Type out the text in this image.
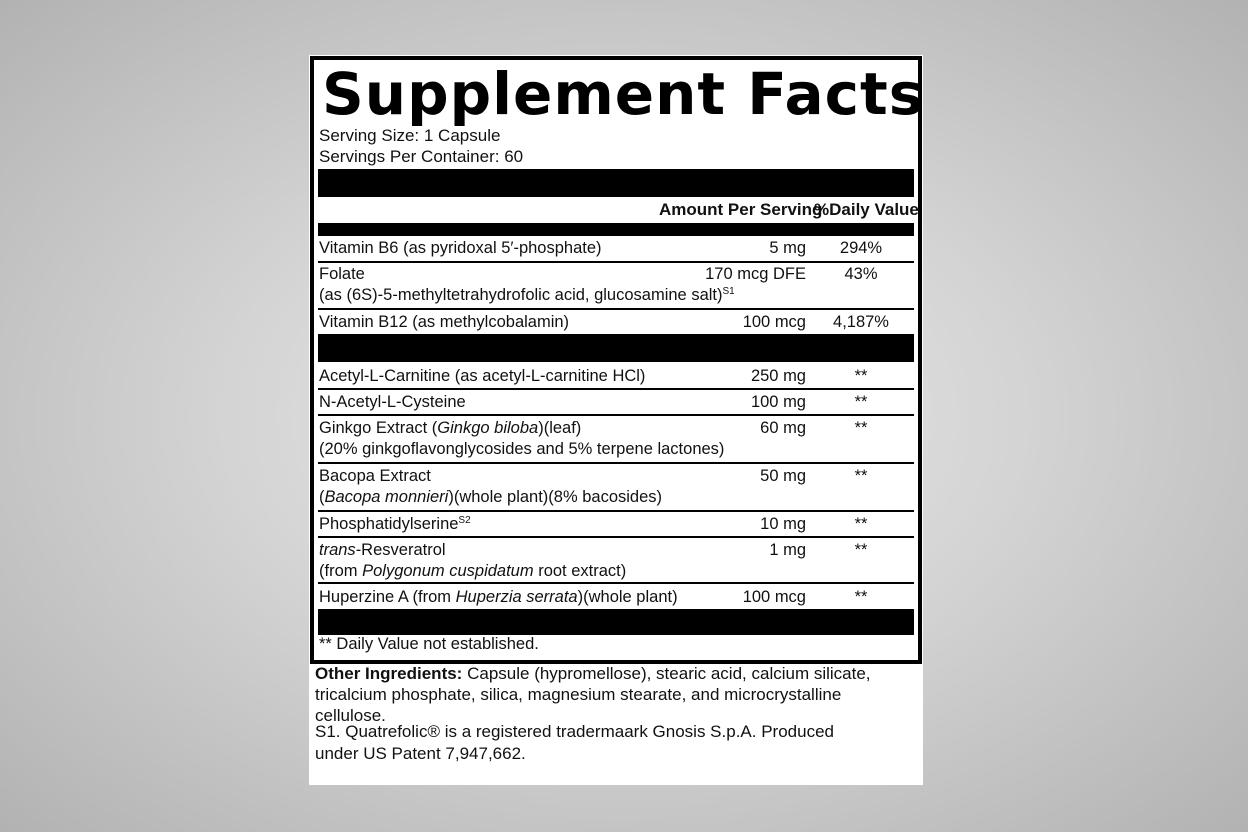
Supplement Facts
Serving Size: 1 Capsule
Servings Per Container: 60
Amount Per Serving
%Daily Value
Vitamin B6 (as pyridoxal 5′-phosphate)	5 mg	294%
Folate
(as (6S)-5-methyltetrahydrofolic acid, glucosamine salt)$^{S1}$
170 mcg DFE	43%
Vitamin B12 (as methylcobalamin)	100 mcg	4,187%
Acetyl-L-Carnitine (as acetyl-L-carnitine HCl)	250 mg	**
N-Acetyl-L-Cysteine	100 mg	**
Ginkgo Extract (Ginkgo biloba)(leaf)
(20% ginkgoflavonglycosides and 5% terpene lactones)
60 mg	**
Bacopa Extract
(Bacopa monnieri)(whole plant)(8% bacosides)
50 mg	**
Phosphatidylserine$^{S2}$	10 mg	**
trans-Resveratrol
(from Polygonum cuspidatum root extract)
1 mg	**
Huperzine A (from Huperzia serrata)(whole plant)	100 mcg	**
** Daily Value not established.
Other Ingredients: Capsule (hypromellose), stearic acid, calcium silicate, tricalcium phosphate, silica, magnesium stearate, and microcrystalline cellulose.
S1. Quatrefolic® is a registered tradermaark Gnosis S.p.A. Produced
under US Patent 7,947,662.
